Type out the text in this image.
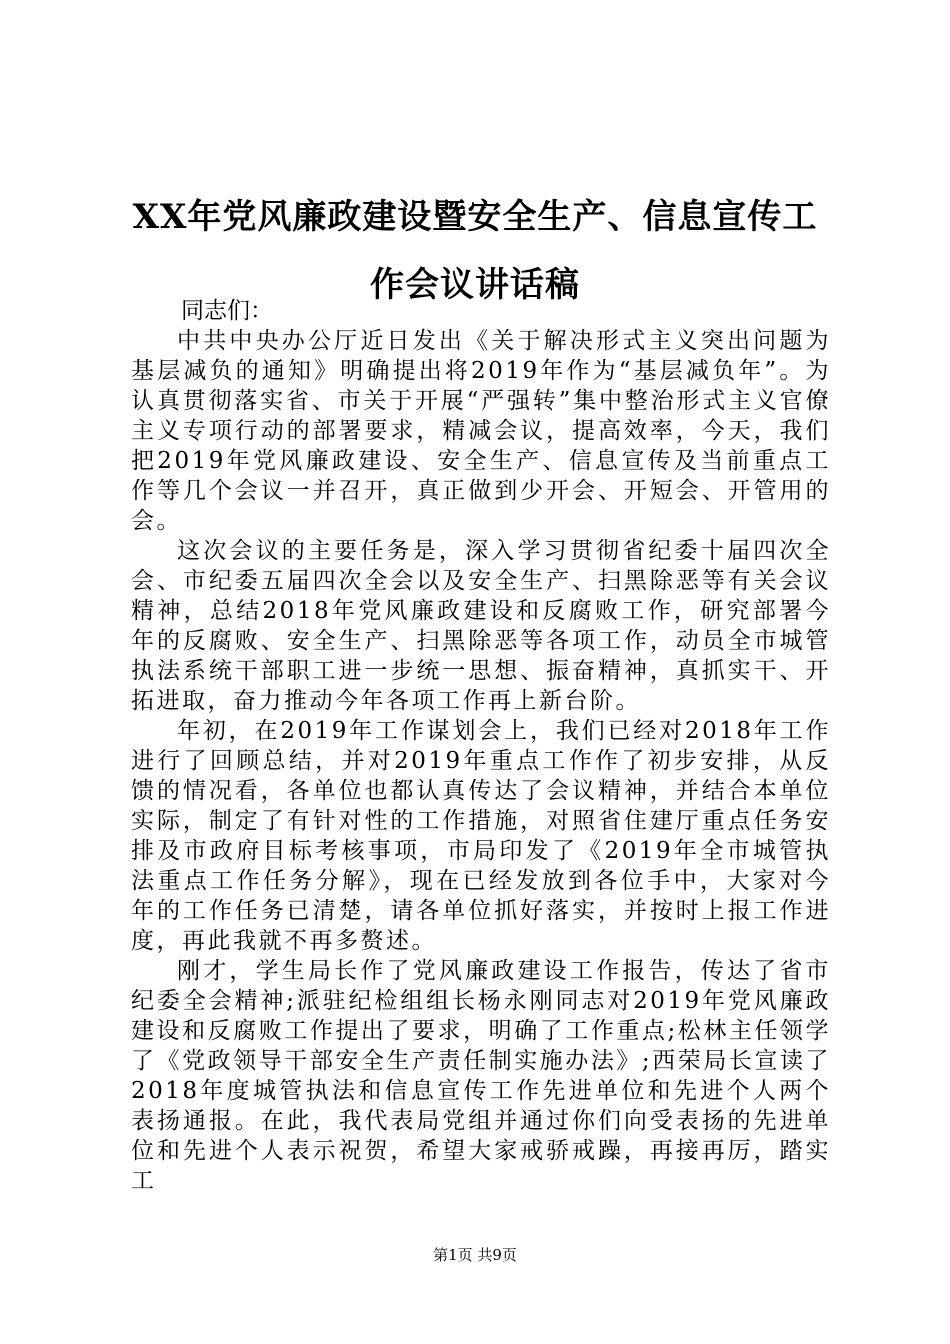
XX年党风廉政建设暨安全生产、信息宣传工
作会议讲话稿
同志们：

中共中央办公厅近日发出《关于解决形式主义突出问题为基层减负的通知》明确提出将2019年作为“基层减负年”。为认真贯彻落实省、市关于开展“严强转”集中整治形式主义官僚主义专项行动的部署要求，精减会议，提高效率，今天，我们把2019年党风廉政建设、安全生产、信息宣传及当前重点工作等几个会议一并召开，真正做到少开会、开短会、开管用的会。

这次会议的主要任务是，深入学习贯彻省纪委十届四次全会、市纪委五届四次全会以及安全生产、扫黑除恶等有关会议精神，总结2018年党风廉政建设和反腐败工作，研究部署今年的反腐败、安全生产、扫黑除恶等各项工作，动员全市城管执法系统干部职工进一步统一思想、振奋精神，真抓实干、开拓进取，奋力推动今年各项工作再上新台阶。

年初，在2019年工作谋划会上，我们已经对2018年工作进行了回顾总结，并对2019年重点工作作了初步安排，从反馈的情况看，各单位也都认真传达了会议精神，并结合本单位实际，制定了有针对性的工作措施，对照省住建厅重点任务安排及市政府目标考核事项，市局印发了《2019年全市城管执法重点工作任务分解》，现在已经发放到各位手中，大家对今年的工作任务已清楚，请各单位抓好落实，并按时上报工作进度，再此我就不再多赘述。

刚才，学生局长作了党风廉政建设工作报告，传达了省市纪委全会精神;派驻纪检组组长杨永刚同志对2019年党风廉政建设和反腐败工作提出了要求，明确了工作重点;松林主任领学了《党政领导干部安全生产责任制实施办法》;西荣局长宣读了2018年度城管执法和信息宣传工作先进单位和先进个人两个表扬通报。在此，我代表局党组并通过你们向受表扬的先进单位和先进个人表示祝贺，希望大家戒骄戒躁，再接再厉，踏实工

第1页 共9页
